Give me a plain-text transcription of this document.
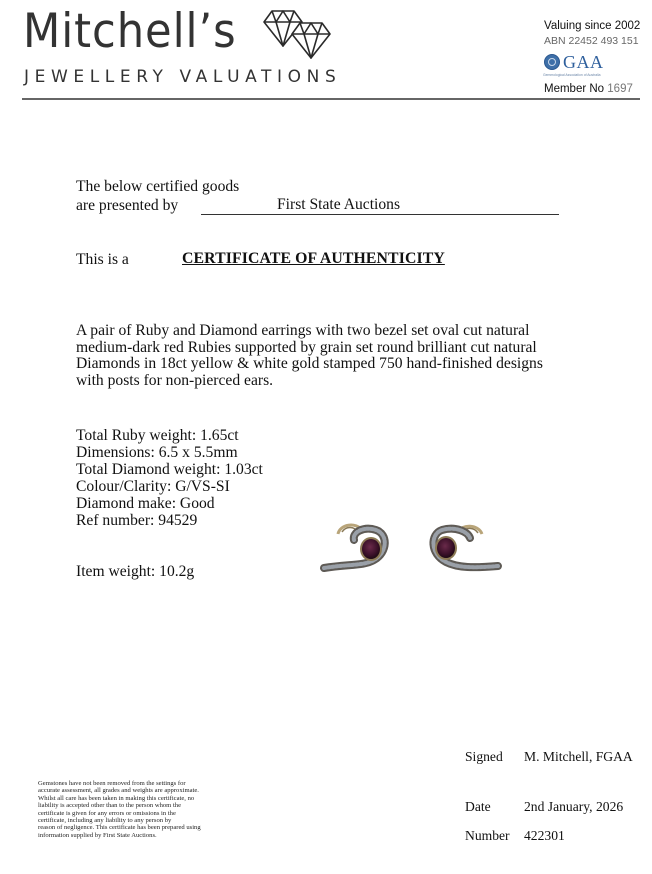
Mitchell’s
JEWELLERY VALUATIONS
Valuing since 2002
ABN 22452 493 151
GAA
Gemmological Association of Australia
Member No 1697
The below certified goods
are presented by	First State Auctions
This is a	CERTIFICATE OF AUTHENTICITY
A pair of Ruby and Diamond earrings with two bezel set oval cut natural
medium-dark red Rubies supported by grain set round brilliant cut natural
Diamonds in 18ct yellow & white gold stamped 750 hand-finished designs
with posts for non-pierced ears.
Total Ruby weight: 1.65ct
Dimensions: 6.5 x 5.5mm
Total Diamond weight: 1.03ct
Colour/Clarity: G/VS-SI
Diamond make: Good
Ref number: 94529
Item weight: 10.2g
Gemstones have not been removed from the settings for
accurate assessment, all grades and weights are approximate.
Whilst all care has been taken in making this certificate, no
liability is accepted other than to the person whom the
certificate is given for any errors or omissions in the
certificate, including any liability to any person by
reason of negligence. This certificate has been prepared using
information supplied by First State Auctions.
Signed M. Mitchell, FGAA
Date 2nd January, 2026
Number 422301
